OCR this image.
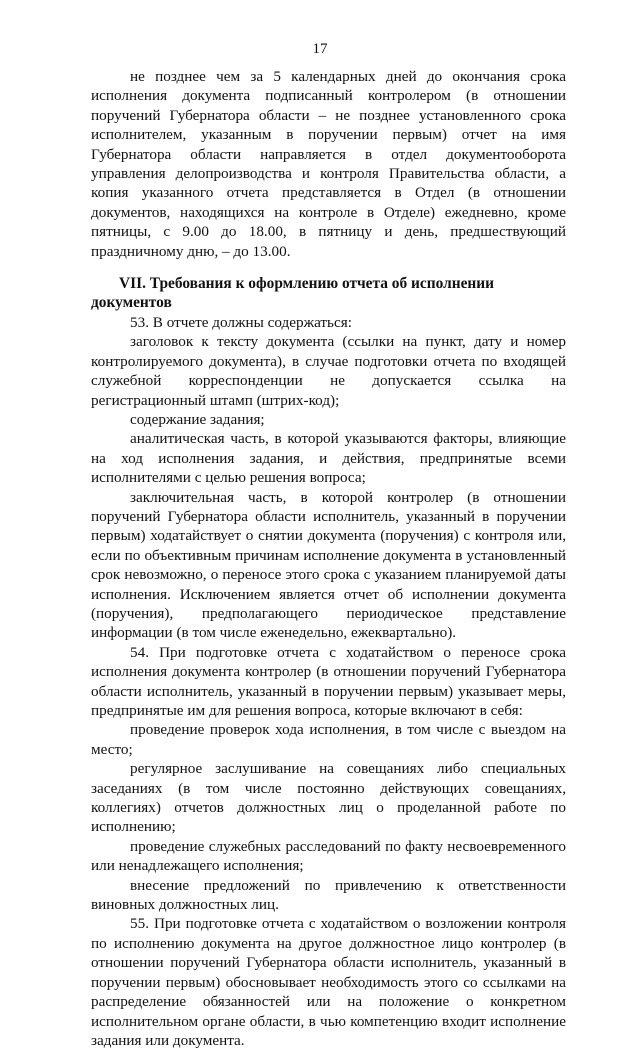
17

не позднее чем за 5 календарных дней до окончания срока исполнения документа подписанный контролером (в отношении поручений Губернатора области – не позднее установленного срока исполнителем, указанным в поручении первым) отчет на имя Губернатора области направляется в отдел документооборота управления делопроизводства и контроля Правительства области, а копия указанного отчета представляется в Отдел (в отношении документов, находящихся на контроле в Отделе) ежедневно, кроме пятницы, с 9.00 до 18.00, в пятницу и день, предшествующий праздничному дню, – до 13.00.

VII. Требования к оформлению отчета об исполнении документов

53. В отчете должны содержаться:

заголовок к тексту документа (ссылки на пункт, дату и номер контролируемого документа), в случае подготовки отчета по входящей служебной корреспонденции не допускается ссылка на регистрационный штамп (штрих-код);

содержание задания;

аналитическая часть, в которой указываются факторы, влияющие на ход исполнения задания, и действия, предпринятые всеми исполнителями с целью решения вопроса;

заключительная часть, в которой контролер (в отношении поручений Губернатора области исполнитель, указанный в поручении первым) ходатайствует о снятии документа (поручения) с контроля или, если по объективным причинам исполнение документа в установленный срок невозможно, о переносе этого срока с указанием планируемой даты исполнения. Исключением является отчет об исполнении документа (поручения), предполагающего периодическое представление информации (в том числе еженедельно, ежеквартально).

54. При подготовке отчета с ходатайством о переносе срока исполнения документа контролер (в отношении поручений Губернатора области исполнитель, указанный в поручении первым) указывает меры, предпринятые им для решения вопроса, которые включают в себя:

проведение проверок хода исполнения, в том числе с выездом на место;

регулярное заслушивание на совещаниях либо специальных заседаниях (в том числе постоянно действующих совещаниях, коллегиях) отчетов должностных лиц о проделанной работе по исполнению;

проведение служебных расследований по факту несвоевременного или ненадлежащего исполнения;

внесение предложений по привлечению к ответственности виновных должностных лиц.

55. При подготовке отчета с ходатайством о возложении контроля по исполнению документа на другое должностное лицо контролер (в отношении поручений Губернатора области исполнитель, указанный в поручении первым) обосновывает необходимость этого со ссылками на распределение обязанностей или на положение о конкретном исполнительном органе области, в чью компетенцию входит исполнение задания или документа.
